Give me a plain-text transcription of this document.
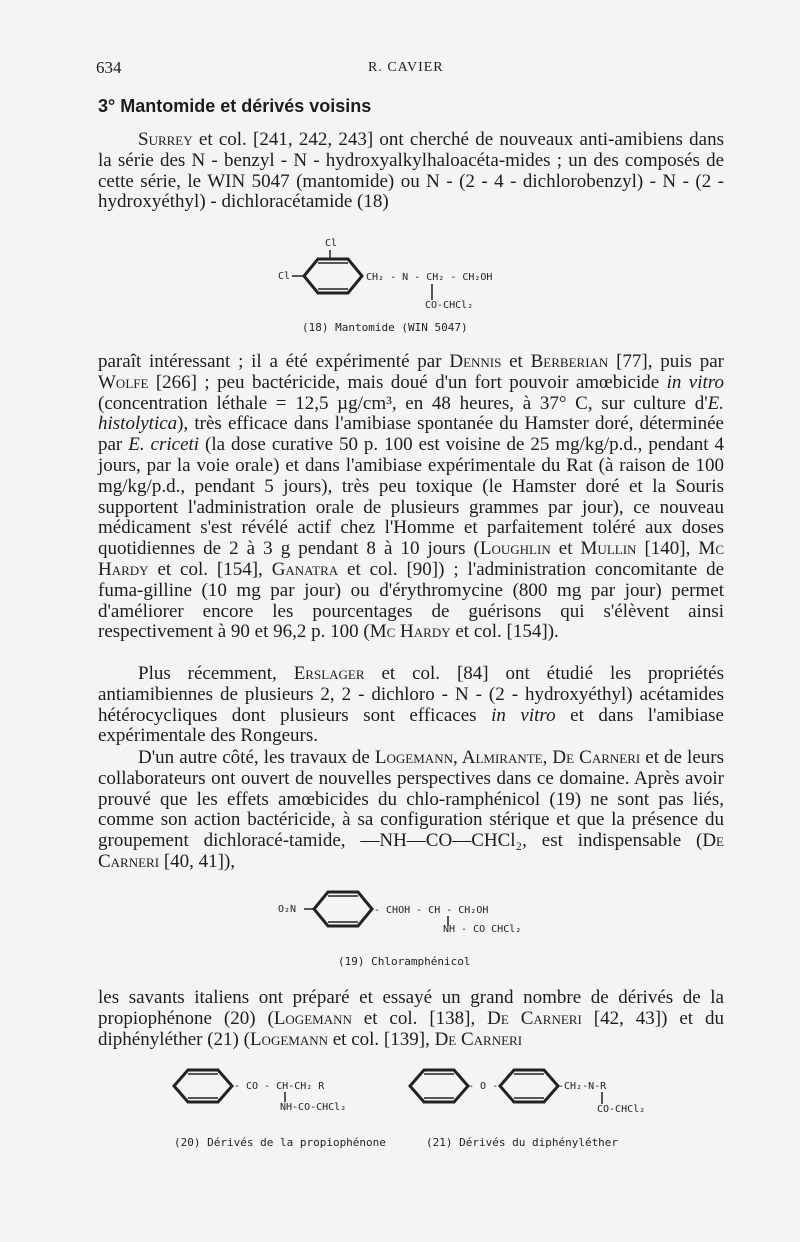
634	R. CAVIER
3° Mantomide et dérivés voisins

Surrey et col. [241, 242, 243] ont cherché de nouveaux anti-amibiens dans la série des N - benzyl - N - hydroxyalkylhaloacéta-mides ; un des composés de cette série, le WIN 5047 (mantomide) ou N - (2 - 4 - dichlorobenzyl) - N - (2 - hydroxyéthyl) - dichloracétamide (18)

Cl
Cl	CH₂ - N - CH₂ - CH₂OH
CO-CHCl₂
(18) Mantomide (WIN 5047)

paraît intéressant ; il a été expérimenté par Dennis et Berberian [77], puis par Wolfe [266] ; peu bactéricide, mais doué d'un fort pouvoir amœbicide in vitro (concentration léthale = 12,5 µg/cm³, en 48 heures, à 37° C, sur culture d'E. histolytica), très efficace dans l'amibiase spontanée du Hamster doré, déterminée par E. criceti (la dose curative 50 p. 100 est voisine de 25 mg/kg/p.d., pendant 4 jours, par la voie orale) et dans l'amibiase expérimentale du Rat (à raison de 100 mg/kg/p.d., pendant 5 jours), très peu toxique (le Hamster doré et la Souris supportent l'administration orale de plusieurs grammes par jour), ce nouveau médicament s'est révélé actif chez l'Homme et parfaitement toléré aux doses quotidiennes de 2 à 3 g pendant 8 à 10 jours (Loughlin et Mullin [140], Mc Hardy et col. [154], Ganatra et col. [90]) ; l'administration concomitante de fuma-gilline (10 mg par jour) ou d'érythromycine (800 mg par jour) permet d'améliorer encore les pourcentages de guérisons qui s'élèvent ainsi respectivement à 90 et 96,2 p. 100 (Mc Hardy et col. [154]).

Plus récemment, Erslager et col. [84] ont étudié les propriétés antiamibiennes de plusieurs 2, 2 - dichloro - N - (2 - hydroxyéthyl) acétamides hétérocycliques dont plusieurs sont efficaces in vitro et dans l'amibiase expérimentale des Rongeurs.

D'un autre côté, les travaux de Logemann, Almirante, De Carneri et de leurs collaborateurs ont ouvert de nouvelles perspectives dans ce domaine. Après avoir prouvé que les effets amœbicides du chlo-ramphénicol (19) ne sont pas liés, comme son action bactéricide, à sa configuration stérique et que la présence du groupement dichloracé-tamide, —NH—CO—CHCl₂, est indispensable (De Carneri [40, 41]),

O₂N	- CHOH - CH - CH₂OH
NH - CO CHCl₂
(19) Chloramphénicol

les savants italiens ont préparé et essayé un grand nombre de dérivés de la propiophénone (20) (Logemann et col. [138], De Carneri [42, 43]) et du diphényléther (21) (Logemann et col. [139], De Carneri

- CO - CH-CH₂ R
NH-CO-CHCl₂
(20) Dérivés de la propiophénone
- O -	-CH₂-N-R
CO-CHCl₂
(21) Dérivés du diphényléther
